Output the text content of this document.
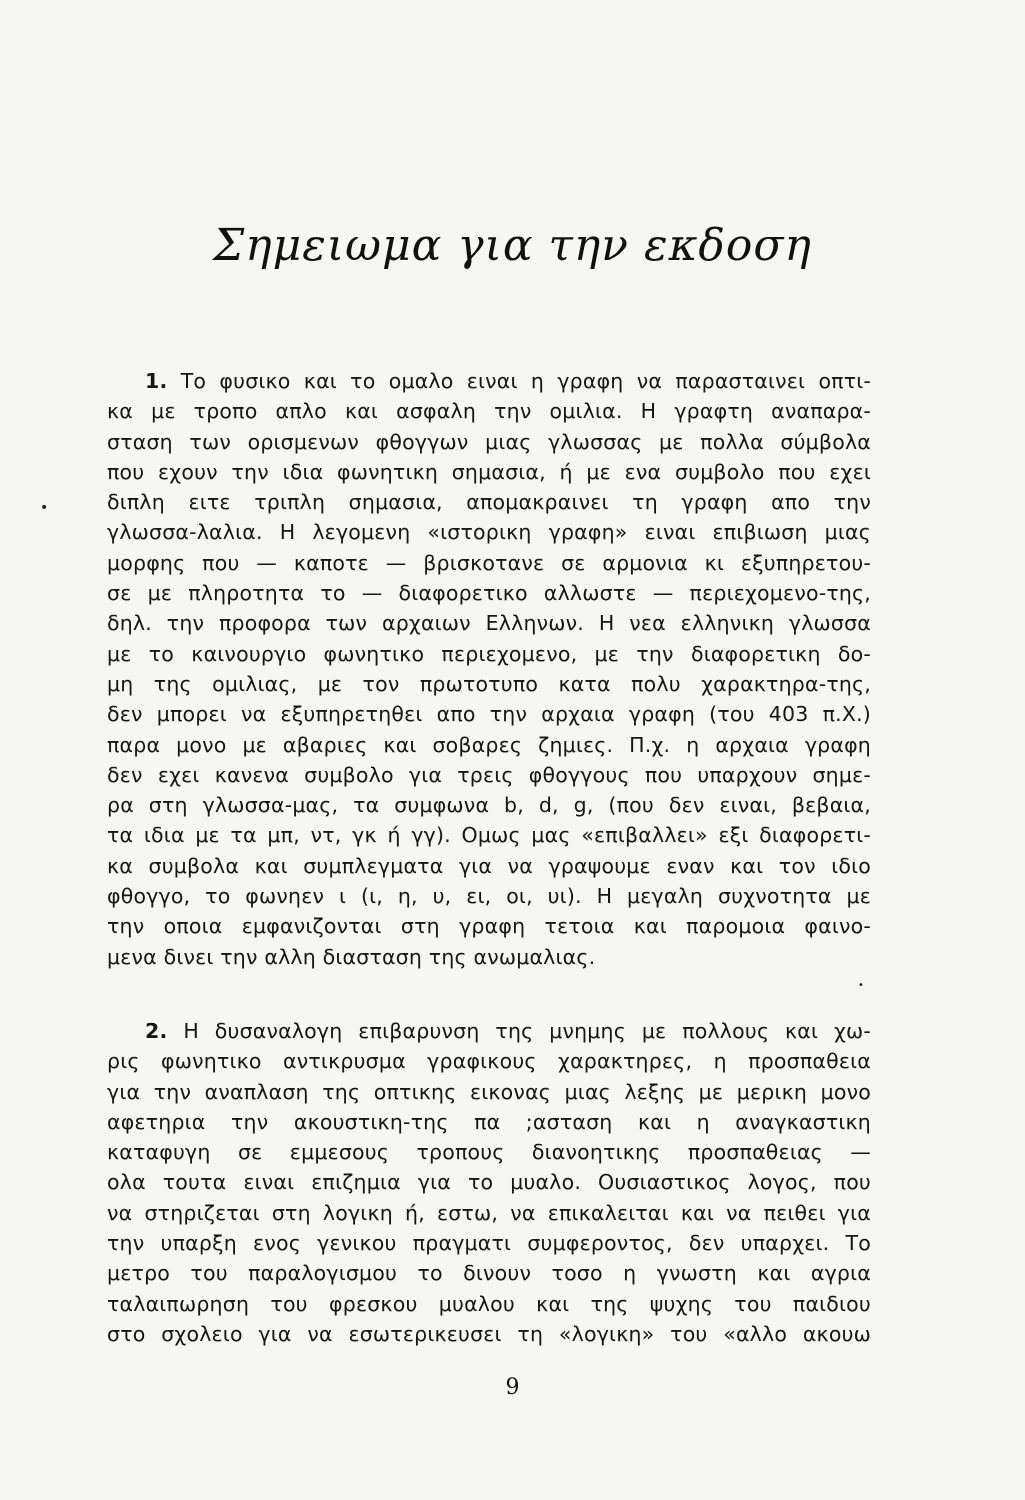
Σημειωμα για την εκδοση
1. Το φυσικο και το ομαλο ειναι η γραφη να παρασταινει οπτι-
κα με τροπο απλο και ασφαλη την ομιλια. Η γραφτη αναπαρα-
σταση των ορισμενων φθογγων μιας γλωσσας με πολλα σύμβολα
που εχουν την ιδια φωνητικη σημασια, ή με ενα συμβολο που εχει
διπλη ειτε τριπλη σημασια, απομακραινει τη γραφη απο την
γλωσσα-λαλια. Η λεγομενη «ιστορικη γραφη» ειναι επιβιωση μιας
μορφης που — καποτε — βρισκοτανε σε αρμονια κι εξυπηρετου-
σε με πληροτητα το — διαφορετικο αλλωστε — περιεχομενο-της,
δηλ. την προφορα των αρχαιων Ελληνων. Η νεα ελληνικη γλωσσα
με το καινουργιο φωνητικο περιεχομενο, με την διαφορετικη δο-
μη της ομιλιας, με τον πρωτοτυπο κατα πολυ χαρακτηρα-της,
δεν μπορει να εξυπηρετηθει απο την αρχαια γραφη (του 403 π.Χ.)
παρα μονο με αβαριες και σοβαρες ζημιες. Π.χ. η αρχαια γραφη
δεν εχει κανενα συμβολο για τρεις φθογγους που υπαρχουν σημε-
ρα στη γλωσσα-μας, τα συμφωνα b, d, g, (που δεν ειναι, βεβαια,
τα ιδια με τα μπ, ντ, γκ ή γγ). Ομως μας «επιβαλλει» εξι διαφορετι-
κα συμβολα και συμπλεγματα για να γραψουμε εναν και τον ιδιο
φθογγο, το φωνηεν ι (ι, η, υ, ει, οι, υι). Η μεγαλη συχνοτητα με
την οποια εμφανιζονται στη γραφη τετοια και παρομοια φαινο-
μενα δινει την αλλη διασταση της ανωμαλιας.
2. Η δυσαναλογη επιβαρυνση της μνημης με πολλους και χω-
ρις φωνητικο αντικρυσμα γραφικους χαρακτηρες, η προσπαθεια
για την αναπλαση της οπτικης εικονας μιας λεξης με μερικη μονο
αφετηρια την ακουστικη-της πα ;ασταση και η αναγκαστικη
καταφυγη σε εμμεσους τροπους διανοητικης προσπαθειας —
ολα τουτα ειναι επιζημια για το μυαλο. Ουσιαστικος λογος, που
να στηριζεται στη λογικη ή, εστω, να επικαλειται και να πειθει για
την υπαρξη ενος γενικου πραγματι συμφεροντος, δεν υπαρχει. Το
μετρο του παραλογισμου το δινουν τοσο η γνωστη και αγρια
ταλαιπωρηση του φρεσκου μυαλου και της ψυχης του παιδιου
στο σχολειο για να εσωτερικευσει τη «λογικη» του «αλλο ακουω
•
•
9
